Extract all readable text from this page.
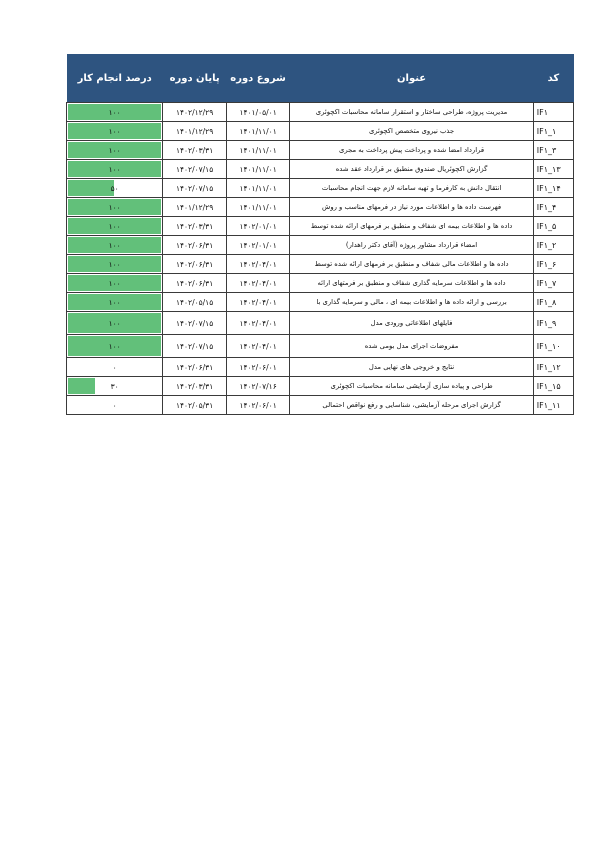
کد	عنوان	شروع دوره	پایان دوره	درصد انجام کار
IF۱	مدیریت پروژه، طراحی ساختار و استقرار سامانه محاسبات اکچوئری	۱۴۰۱/۰۵/۰۱	۱۴۰۲/۱۲/۲۹	۱۰۰
IF۱_۱	جذب نیروی متخصص اکچوئری	۱۴۰۱/۱۱/۰۱	۱۴۰۱/۱۲/۲۹	۱۰۰
IF۱_۳	قرارداد امضا شده و پرداخت پیش پرداخت به مجری	۱۴۰۱/۱۱/۰۱	۱۴۰۲/۰۳/۳۱	۱۰۰
IF۱_۱۳	گزارش اکچوئریال صندوق منطبق بر قرارداد عقد شده	۱۴۰۱/۱۱/۰۱	۱۴۰۲/۰۷/۱۵	۱۰۰
IF۱_۱۴	انتقال دانش به کارفرما و تهیه سامانه لازم جهت انجام محاسبات	۱۴۰۱/۱۱/۰۱	۱۴۰۲/۰۷/۱۵	۵۰
IF۱_۴	فهرست داده ها و اطلاعات مورد نیاز در فرمهای مناسب و روش	۱۴۰۱/۱۱/۰۱	۱۴۰۱/۱۲/۲۹	۱۰۰
IF۱_۵	داده ها و اطلاعات بیمه ای شفاف و منطبق بر فرمهای ارائه شده توسط	۱۴۰۲/۰۱/۰۱	۱۴۰۲/۰۳/۳۱	۱۰۰
IF۱_۲	امضاء قرارداد مشاور پروژه (آقای دکتر راهدار)	۱۴۰۲/۰۱/۰۱	۱۴۰۲/۰۶/۳۱	۱۰۰
IF۱_۶	داده ها و اطلاعات مالی شفاف و منطبق بر فرمهای ارائه شده توسط	۱۴۰۲/۰۴/۰۱	۱۴۰۲/۰۶/۳۱	۱۰۰
IF۱_۷	داده ها و اطلاعات سرمایه گذاری شفاف و منطبق بر فرمتهای ارائه	۱۴۰۲/۰۴/۰۱	۱۴۰۲/۰۶/۳۱	۱۰۰
IF۱_۸	بررسی و ارائه داده ها و اطلاعات بیمه ای ، مالی و سرمایه گذاری با	۱۴۰۲/۰۴/۰۱	۱۴۰۲/۰۵/۱۵	۱۰۰
IF۱_۹	فایلهای اطلاعاتی ورودی مدل	۱۴۰۲/۰۴/۰۱	۱۴۰۲/۰۷/۱۵	۱۰۰
IF۱_۱۰	مفروضات اجرای مدل بومی شده	۱۴۰۲/۰۴/۰۱	۱۴۰۲/۰۷/۱۵	۱۰۰
IF۱_۱۲	نتایج و خروجی های نهایی مدل	۱۴۰۲/۰۶/۰۱	۱۴۰۲/۰۶/۳۱	۰
IF۱_۱۵	طراحی و پیاده سازی آزمایشی سامانه محاسبات اکچوئری	۱۴۰۲/۰۷/۱۶	۱۴۰۲/۰۳/۳۱	۳۰
IF۱_۱۱	گزارش اجرای مرحله آزمایشی، شناسایی و رفع نواقص احتمالی	۱۴۰۲/۰۶/۰۱	۱۴۰۲/۰۵/۳۱	۰
